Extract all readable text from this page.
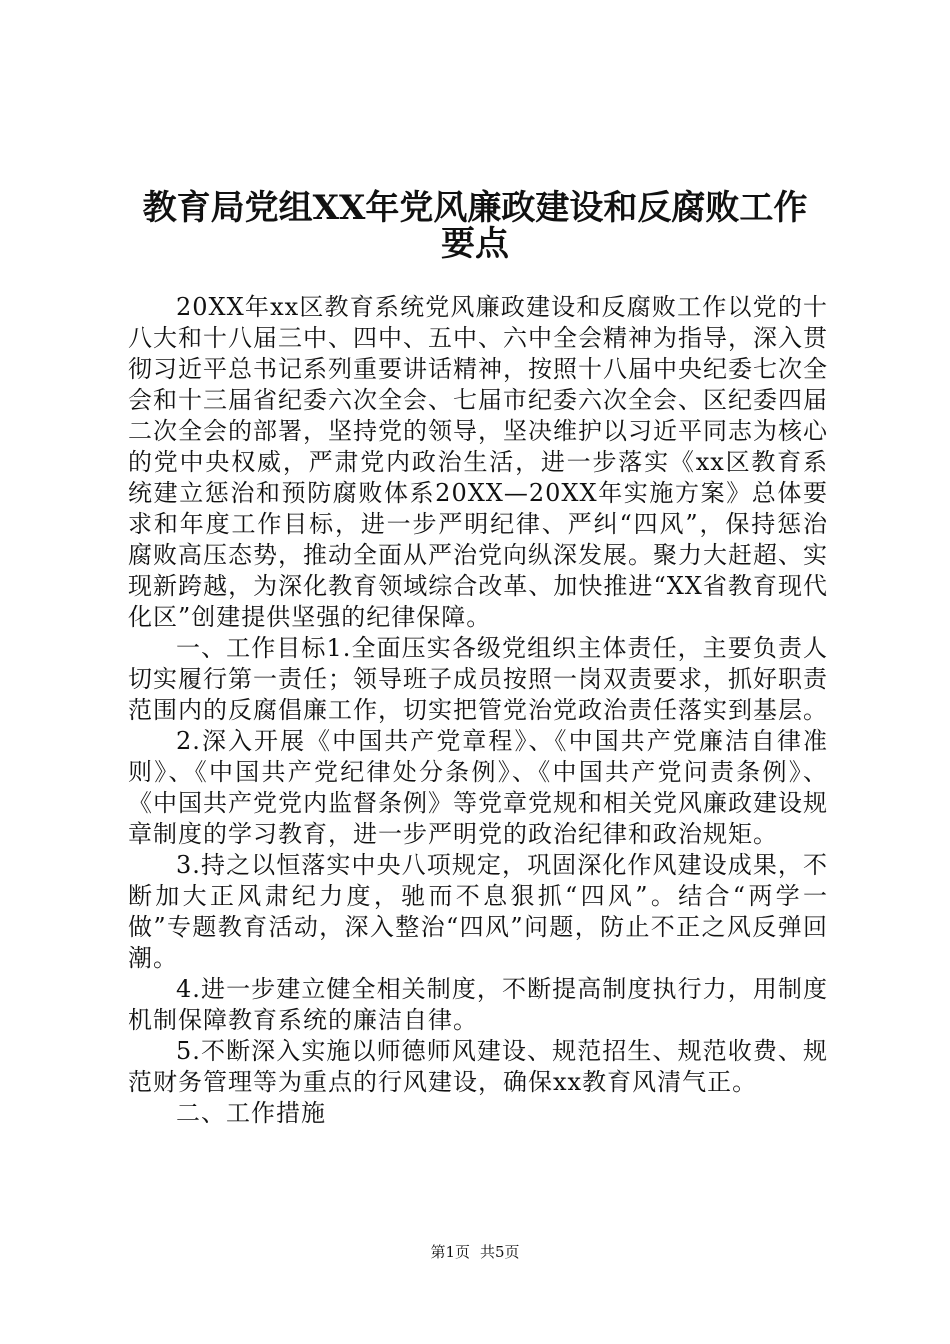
教育局党组XX年党风廉政建设和反腐败工作
要点

20XX年xx区教育系统党风廉政建设和反腐败工作以党的十八大和十八届三中、四中、五中、六中全会精神为指导，深入贯彻习近平总书记系列重要讲话精神，按照十八届中央纪委七次全会和十三届省纪委六次全会、七届市纪委六次全会、区纪委四届二次全会的部署，坚持党的领导，坚决维护以习近平同志为核心的党中央权威，严肃党内政治生活，进一步落实《xx区教育系统建立惩治和预防腐败体系20XX—20XX年实施方案》总体要求和年度工作目标，进一步严明纪律、严纠“四风”，保持惩治腐败高压态势，推动全面从严治党向纵深发展。聚力大赶超、实现新跨越，为深化教育领域综合改革、加快推进“XX省教育现代化区”创建提供坚强的纪律保障。

一、工作目标1.全面压实各级党组织主体责任，主要负责人切实履行第一责任；领导班子成员按照一岗双责要求，抓好职责范围内的反腐倡廉工作，切实把管党治党政治责任落实到基层。

2.深入开展《中国共产党章程》、《中国共产党廉洁自律准则》、《中国共产党纪律处分条例》、《中国共产党问责条例》、《中国共产党党内监督条例》等党章党规和相关党风廉政建设规章制度的学习教育，进一步严明党的政治纪律和政治规矩。

3.持之以恒落实中央八项规定，巩固深化作风建设成果，不断加大正风肃纪力度，驰而不息狠抓“四风”。结合“两学一做”专题教育活动，深入整治“四风”问题，防止不正之风反弹回潮。

4.进一步建立健全相关制度，不断提高制度执行力，用制度机制保障教育系统的廉洁自律。

5.不断深入实施以师德师风建设、规范招生、规范收费、规范财务管理等为重点的行风建设，确保xx教育风清气正。

二、工作措施

第1页 共5页
